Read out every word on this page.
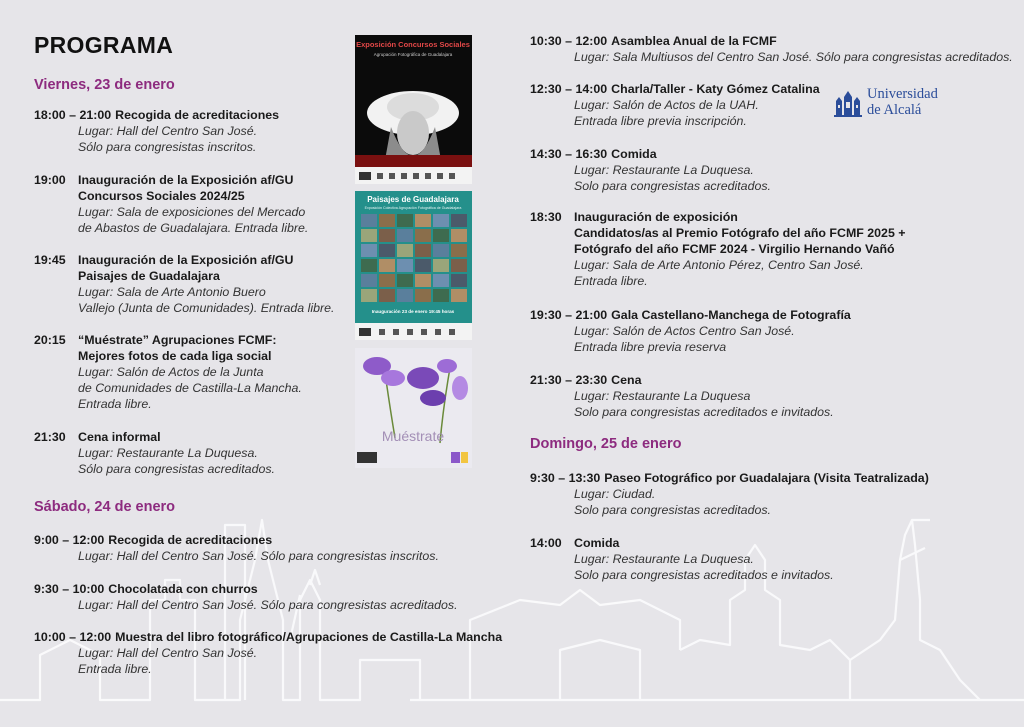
PROGRAMA
Viernes, 23 de enero
Sábado, 24 de enero
Domingo, 25 de enero
18:00 – 21:00 Recogida de acreditaciones
Lugar: Hall del Centro San José.
Sólo para congresistas inscritos.
19:00 Inauguración de la Exposición af/GU
Concursos Sociales 2024/25
Lugar: Sala de exposiciones del Mercado
de Abastos de Guadalajara. Entrada libre.
19:45 Inauguración de la Exposición af/GU
Paisajes de Guadalajara
Lugar: Sala de Arte Antonio Buero
Vallejo (Junta de Comunidades). Entrada libre.
20:15 “Muéstrate” Agrupaciones FCMF:
Mejores fotos de cada liga social
Lugar: Salón de Actos de la Junta
de Comunidades de Castilla-La Mancha.
Entrada libre.
21:30 Cena informal
Lugar: Restaurante La Duquesa.
Sólo para congresistas acreditados.
9:00 – 12:00 Recogida de acreditaciones
Lugar: Hall del Centro San José. Sólo para congresistas inscritos.
9:30 – 10:00 Chocolatada con churros
Lugar: Hall del Centro San José. Sólo para congresistas acreditados.
10:00 – 12:00 Muestra del libro fotográfico/Agrupaciones de Castilla-La Mancha
Lugar: Hall del Centro San José.
Entrada libre.
10:30 – 12:00 Asamblea Anual de la FCMF
Lugar: Sala Multiusos del Centro San José. Sólo para congresistas acreditados.
12:30 – 14:00 Charla/Taller - Katy Gómez Catalina
Lugar: Salón de Actos de la UAH.
Entrada libre previa inscripción.
14:30 – 16:30 Comida
Lugar: Restaurante La Duquesa.
Solo para congresistas acreditados.
18:30 Inauguración de exposición
Candidatos/as al Premio Fotógrafo del año FCMF 2025 +
Fotógrafo del año FCMF 2024 - Virgilio Hernando Vañó
Lugar: Sala de Arte Antonio Pérez, Centro San José.
Entrada libre.
19:30 – 21:00 Gala Castellano-Manchega de Fotografía
Lugar: Salón de Actos Centro San José.
Entrada libre previa reserva
21:30 – 23:30 Cena
Lugar: Restaurante La Duquesa
Solo para congresistas acreditados e invitados.
9:30 – 13:30 Paseo Fotográfico por Guadalajara (Visita Teatralizada)
Lugar: Ciudad.
Solo para congresistas acreditados.
14:00 Comida
Lugar: Restaurante La Duquesa.
Solo para congresistas acreditados e invitados.
Exposición Concursos Sociales
Agrupación Fotográfica de Guadalajara
Paisajes de Guadalajara
Exposición Colectiva Agrupación Fotográfica de Guadalajara
Inauguración 23 de enero 19:45 horas
Muéstrate
Universidad
de Alcalá
